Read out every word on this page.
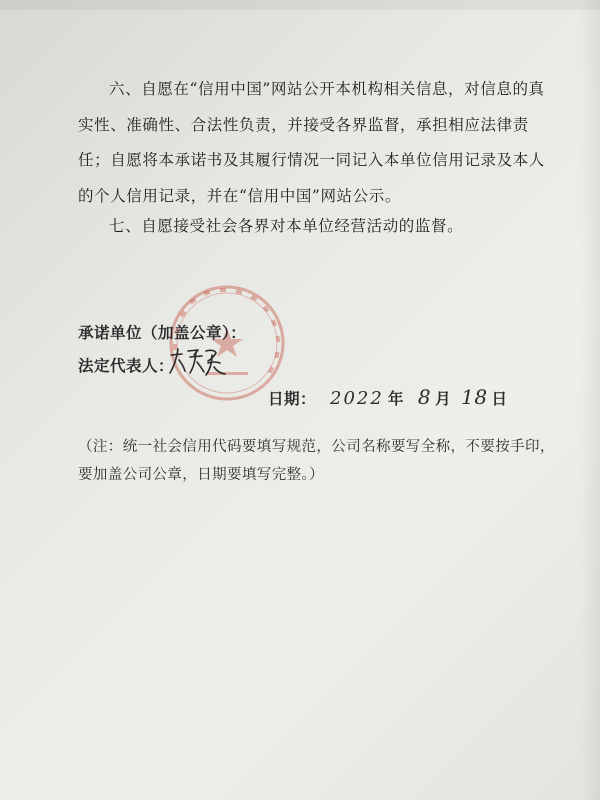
六、自愿在“信用中国”网站公开本机构相关信息，对信息的真实性、准确性、合法性负责，并接受各界监督，承担相应法律责任；自愿将本承诺书及其履行情况一同记入本单位信用记录及本人的个人信用记录，并在“信用中国”网站公示。

七、自愿接受社会各界对本单位经营活动的监督。

承诺单位（加盖公章）：
法定代表人：
日期： 2022 年 8 月 18 日

（注：统一社会信用代码要填写规范，公司名称要写全称，不要按手印，要加盖公司公章，日期要填写完整。）
